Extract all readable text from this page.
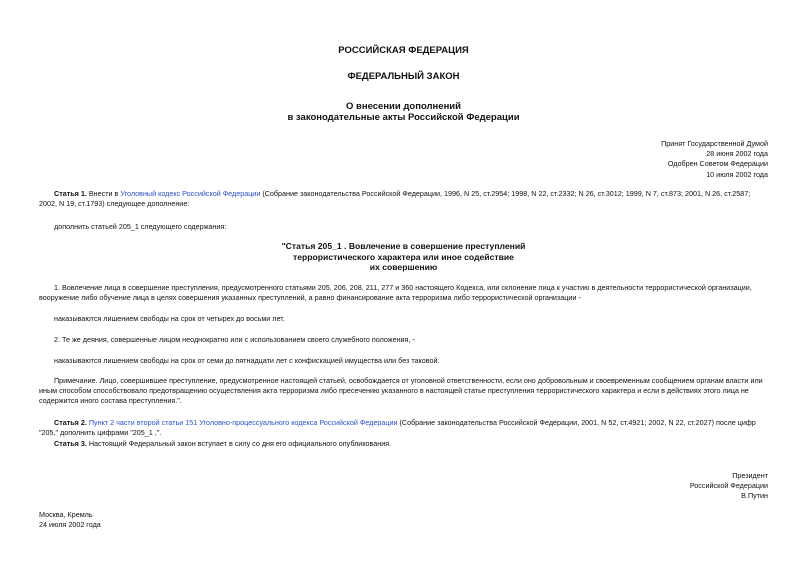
РОССИЙСКАЯ ФЕДЕРАЦИЯ
ФЕДЕРАЛЬНЫЙ ЗАКОН
О внесении дополнений
в законодательные акты Российской Федерации
Принят Государственной Думой
28 июня 2002 года
Одобрен Советом Федерации
10 июля 2002 года
Статья 1. Внести в Уголовный кодекс Российской Федерации (Собрание законодательства Российской Федерации, 1996, N 25, ст.2954; 1998, N 22, ст.2332; N 26, ст.3012; 1999, N 7, ст.873; 2001, N 26, ст.2587;
2002, N 19, ст.1793) следующее дополнение:
дополнить статьей 205_1 следующего содержания:
"Статья 205_1 . Вовлечение в совершение преступлений
террористического характера или иное содействие
их совершению
1. Вовлечение лица в совершение преступления, предусмотренного статьями 205, 206, 208, 211, 277 и 360 настоящего Кодекса, или склонение лица к участию в деятельности террористической организации,
вооружение либо обучение лица в целях совершения указанных преступлений, а равно финансирование акта терроризма либо террористической организации -
наказываются лишением свободы на срок от четырех до восьми лет.
2. Те же деяния, совершенные лицом неоднократно или с использованием своего служебного положения, -
наказываются лишением свободы на срок от семи до пятнадцати лет с конфискацией имущества или без таковой.
Примечание. Лицо, совершившее преступление, предусмотренное настоящей статьей, освобождается от уголовной ответственности, если оно добровольным и своевременным сообщением органам власти или
иным способом способствовало предотвращению осуществления акта терроризма либо пресечению указанного в настоящей статье преступления террористического характера и если в действиях этого лица не
содержится иного состава преступления.".
Статья 2. Пункт 2 части второй статьи 151 Уголовно-процессуального кодекса Российской Федерации (Собрание законодательства Российской Федерации, 2001, N 52, ст.4921; 2002, N 22, ст.2027) после цифр
"205," дополнить цифрами "205_1 ,".
Статья 3. Настоящий Федеральный закон вступает в силу со дня его официального опубликования.
Президент
Российской Федерации
В.Путин
Москва, Кремль
24 июля 2002 года
